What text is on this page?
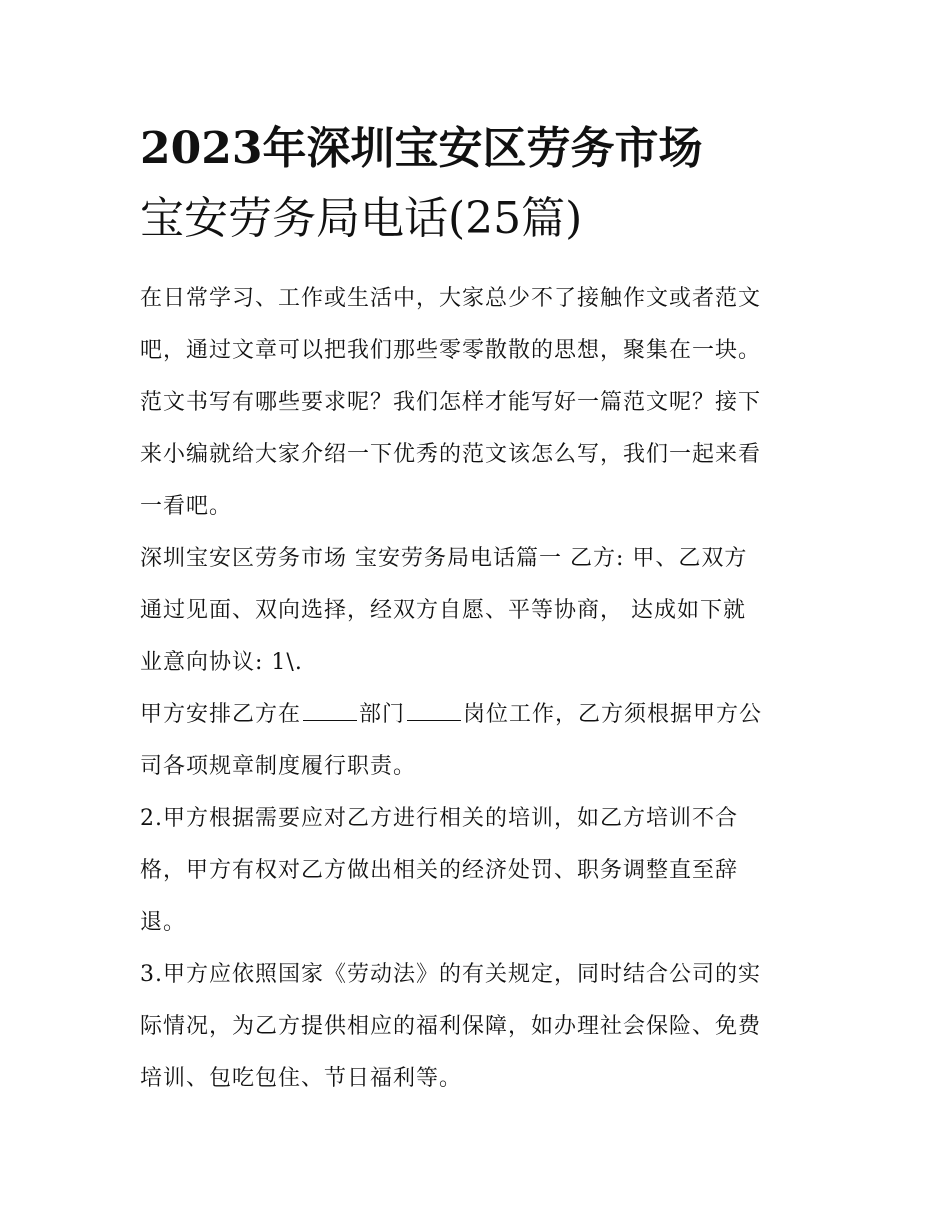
2023年深圳宝安区劳务市场
宝安劳务局电话(25篇)

在日常学习、工作或生活中，大家总少不了接触作文或者范文
吧，通过文章可以把我们那些零零散散的思想，聚集在一块。
范文书写有哪些要求呢？我们怎样才能写好一篇范文呢？接下
来小编就给大家介绍一下优秀的范文该怎么写，我们一起来看
一看吧。

深圳宝安区劳务市场 宝安劳务局电话篇一 乙方: 甲、乙双方
通过见面、双向选择，经双方自愿、平等协商， 达成如下就
业意向协议: 1\.

甲方安排乙方在	部门	岗位工作，乙方须根据甲方公
司各项规章制度履行职责。

2.甲方根据需要应对乙方进行相关的培训，如乙方培训不合
格，甲方有权对乙方做出相关的经济处罚、职务调整直至辞
退。

3.甲方应依照国家《劳动法》的有关规定，同时结合公司的实
际情况，为乙方提供相应的福利保障，如办理社会保险、免费
培训、包吃包住、节日福利等。
